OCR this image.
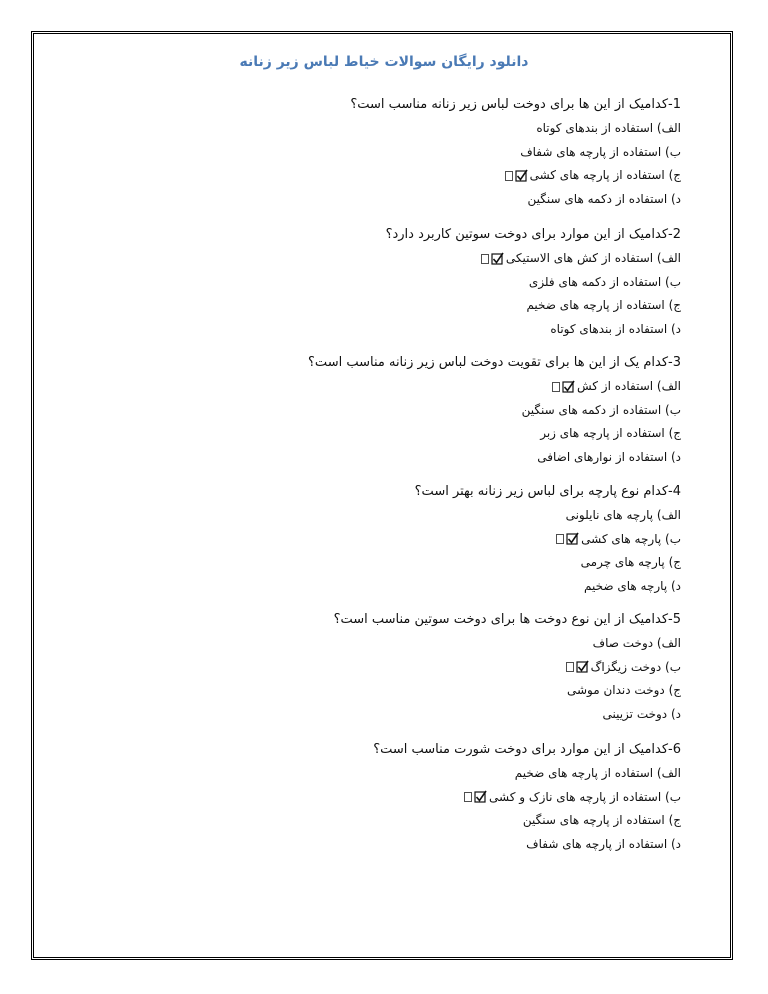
دانلود رایگان سوالات خیاط لباس زیر زنانه
1-کدامیک از این ها برای دوخت لباس زیر زنانه مناسب است؟
الف) استفاده از بندهای کوتاه
ب) استفاده از پارچه های شفاف
ج) استفاده از پارچه های کشی
د) استفاده از دکمه های سنگین
2-کدامیک از این موارد برای دوخت سوتین کاربرد دارد؟
الف) استفاده از کش های الاستیکی
ب) استفاده از دکمه های فلزی
ج) استفاده از پارچه های ضخیم
د) استفاده از بندهای کوتاه
3-کدام یک از این ها برای تقویت دوخت لباس زیر زنانه مناسب است؟
الف) استفاده از کش
ب) استفاده از دکمه های سنگین
ج) استفاده از پارچه های زبر
د) استفاده از نوارهای اضافی
4-کدام نوع پارچه برای لباس زیر زنانه بهتر است؟
الف) پارچه های نایلونی
ب) پارچه های کشی
ج) پارچه های چرمی
د) پارچه های ضخیم
5-کدامیک از این نوع دوخت ها برای دوخت سوتین مناسب است؟
الف) دوخت صاف
ب) دوخت زیگزاگ
ج) دوخت دندان موشی
د) دوخت تزیینی
6-کدامیک از این موارد برای دوخت شورت مناسب است؟
الف) استفاده از پارچه های ضخیم
ب) استفاده از پارچه های نازک و کشی
ج) استفاده از پارچه های سنگین
د) استفاده از پارچه های شفاف
